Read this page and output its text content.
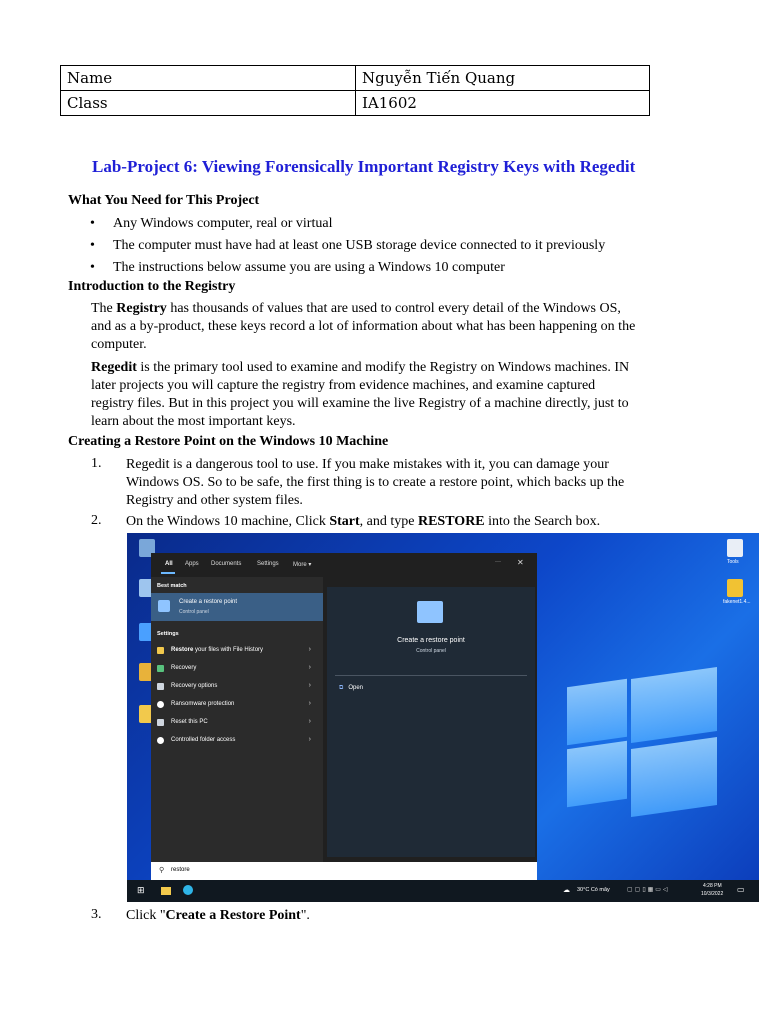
Name	Nguyễn Tiến Quang
Class	IA1602
Lab-Project 6: Viewing Forensically Important Registry Keys with Regedit
What You Need for This Project
• Any Windows computer, real or virtual
• The computer must have had at least one USB storage device connected to it previously
• The instructions below assume you are using a Windows 10 computer
Introduction to the Registry
The Registry has thousands of values that are used to control every detail of the Windows OS,
and as a by-product, these keys record a lot of information about what has been happening on the
computer.
Regedit is the primary tool used to examine and modify the Registry on Windows machines. IN
later projects you will capture the registry from evidence machines, and examine captured
registry files. But in this project you will examine the live Registry of a machine directly, just to
learn about the most important keys.
Creating a Restore Point on the Windows 10 Machine
1. Regedit is a dangerous tool to use. If you make mistakes with it, you can damage your
Windows OS. So to be safe, the first thing is to create a restore point, which backs up the
Registry and other system files.
2. On the Windows 10 machine, Click Start, and type RESTORE into the Search box.
Tools
fakenet1.4...
All Apps Documents	Settings More ▾	··· ✕
Best match
Create a restore point
Control panel
Settings
Restore your files with File History	›
Recovery	›
Recovery options	›
Ransomware protection	›
Reset this PC	›
Controlled folder access	›
Create a restore point
Control panel
⧉ Open
⚲ restore
⊞	☁ 30°C Có mây	▢▢▯▦▭◁
4:28 PM
10/3/2022 ▭
3. Click "Create a Restore Point".
